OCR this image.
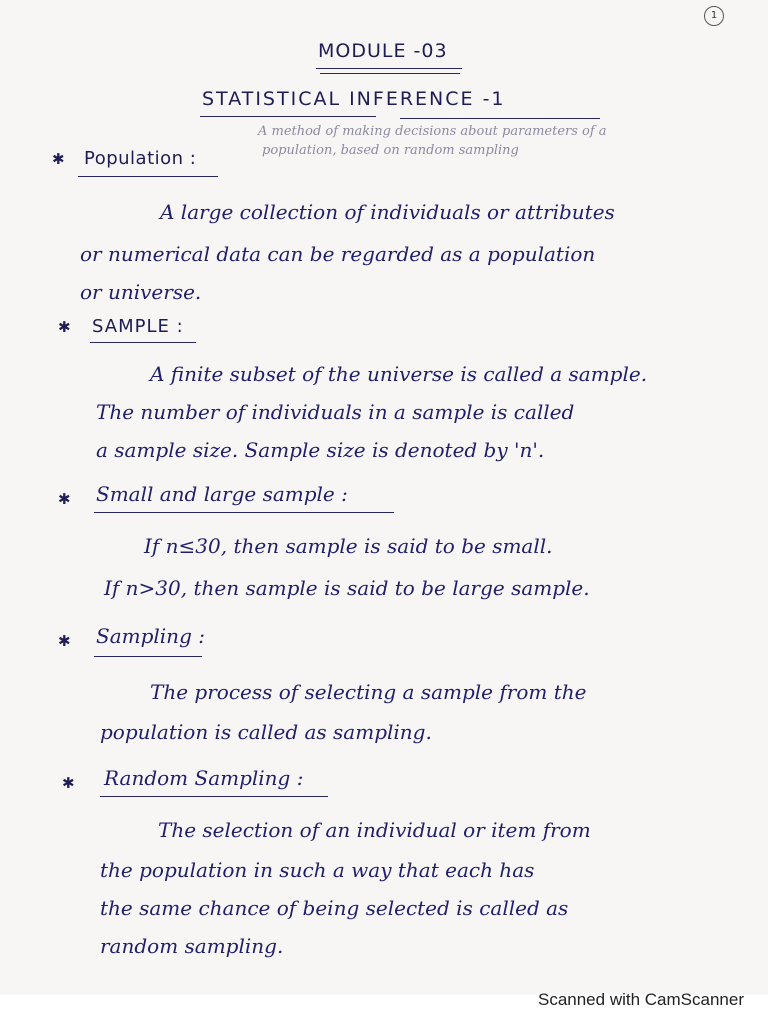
1
MODULE -03
STATISTICAL INFERENCE -1
A method of making decisions about parameters of a
population, based on random sampling
✱ Population :
A large collection of individuals or attributes
or numerical data can be regarded as a population
or universe.
✱ SAMPLE :
A finite subset of the universe is called a sample.
The number of individuals in a sample is called
a sample size. Sample size is denoted by 'n'.
✱ Small and large sample :
If n≤30, then sample is said to be small.
If n>30, then sample is said to be large sample.
✱ Sampling :
The process of selecting a sample from the
population is called as sampling.
✱ Random Sampling :
The selection of an individual or item from
the population in such a way that each has
the same chance of being selected is called as
random sampling.
Scanned with CamScanner
